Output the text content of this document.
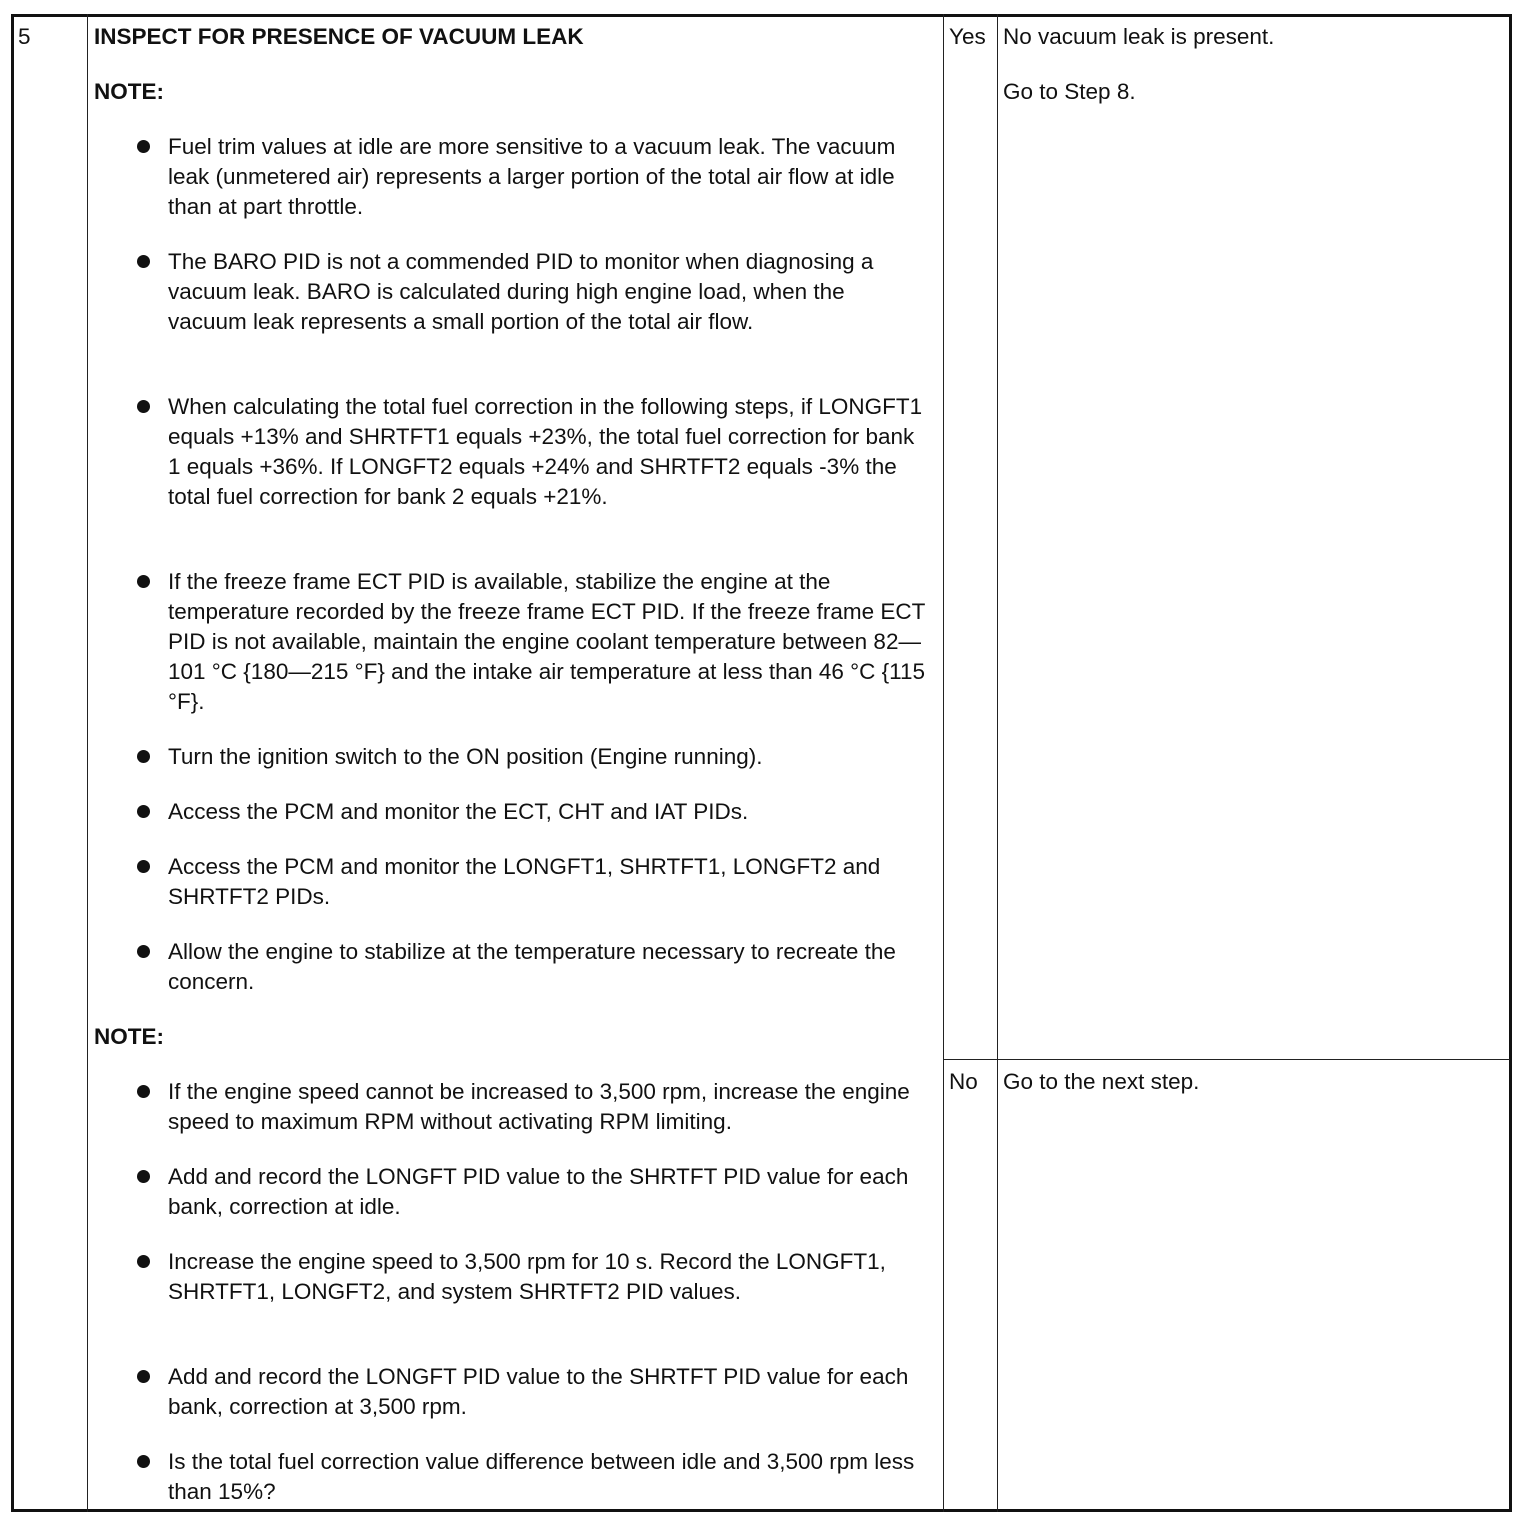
5	INSPECT FOR PRESENCE OF VACUUM LEAK
NOTE:
Fuel trim values at idle are more sensitive to a vacuum leak. The vacuum leak (unmetered air) represents a larger portion of the total air flow at idle than at part throttle.
The BARO PID is not a commended PID to monitor when diagnosing a vacuum leak. BARO is calculated during high engine load, when the vacuum leak represents a small portion of the total air flow.
When calculating the total fuel correction in the following steps, if LONGFT1 equals +13% and SHRTFT1 equals +23%, the total fuel correction for bank 1 equals +36%. If LONGFT2 equals +24% and SHRTFT2 equals -3% the total fuel correction for bank 2 equals +21%.
If the freeze frame ECT PID is available, stabilize the engine at the temperature recorded by the freeze frame ECT PID. If the freeze frame ECT PID is not available, maintain the engine coolant temperature between 82—101 °C {180—215 °F} and the intake air temperature at less than 46 °C {115 °F}.
Turn the ignition switch to the ON position (Engine running).
Access the PCM and monitor the ECT, CHT and IAT PIDs.
Access the PCM and monitor the LONGFT1, SHRTFT1, LONGFT2 and SHRTFT2 PIDs.
Allow the engine to stabilize at the temperature necessary to recreate the concern.
NOTE:
If the engine speed cannot be increased to 3,500 rpm, increase the engine speed to maximum RPM without activating RPM limiting.
Add and record the LONGFT PID value to the SHRTFT PID value for each bank, correction at idle.
Increase the engine speed to 3,500 rpm for 10 s. Record the LONGFT1, SHRTFT1, LONGFT2, and system SHRTFT2 PID values.
Add and record the LONGFT PID value to the SHRTFT PID value for each bank, correction at 3,500 rpm.
Is the total fuel correction value difference between idle and 3,500 rpm less than 15%?
Yes No vacuum leak is present.
Go to Step 8.
No Go to the next step.
